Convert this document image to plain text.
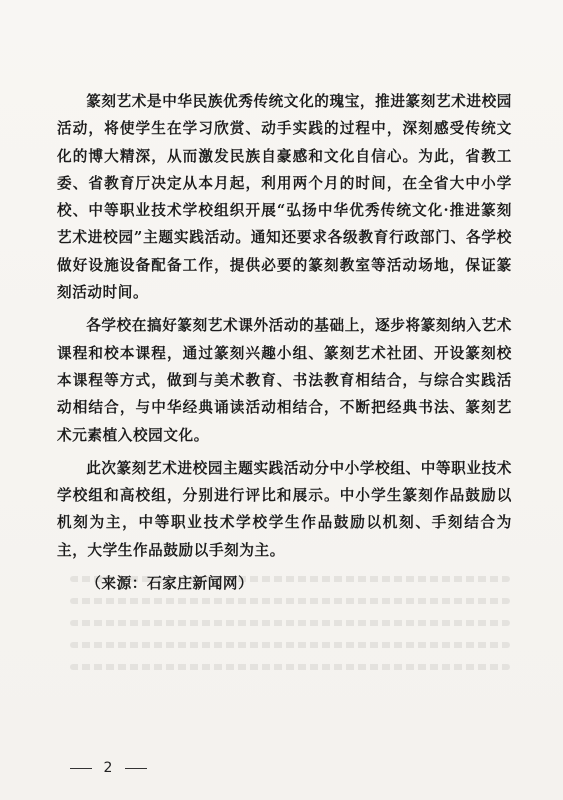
篆刻艺术是中华民族优秀传统文化的瑰宝，推进篆刻艺术进校园活动，将使学生在学习欣赏、动手实践的过程中，深刻感受传统文化的博大精深，从而激发民族自豪感和文化自信心。为此，省教工委、省教育厅决定从本月起，利用两个月的时间，在全省大中小学校、中等职业技术学校组织开展“弘扬中华优秀传统文化·推进篆刻艺术进校园”主题实践活动。通知还要求各级教育行政部门、各学校做好设施设备配备工作，提供必要的篆刻教室等活动场地，保证篆刻活动时间。

各学校在搞好篆刻艺术课外活动的基础上，逐步将篆刻纳入艺术课程和校本课程，通过篆刻兴趣小组、篆刻艺术社团、开设篆刻校本课程等方式，做到与美术教育、书法教育相结合，与综合实践活动相结合，与中华经典诵读活动相结合，不断把经典书法、篆刻艺术元素植入校园文化。

此次篆刻艺术进校园主题实践活动分中小学校组、中等职业技术学校组和高校组，分别进行评比和展示。中小学生篆刻作品鼓励以机刻为主，中等职业技术学校学生作品鼓励以机刻、手刻结合为主，大学生作品鼓励以手刻为主。

（来源：石家庄新闻网）

2
